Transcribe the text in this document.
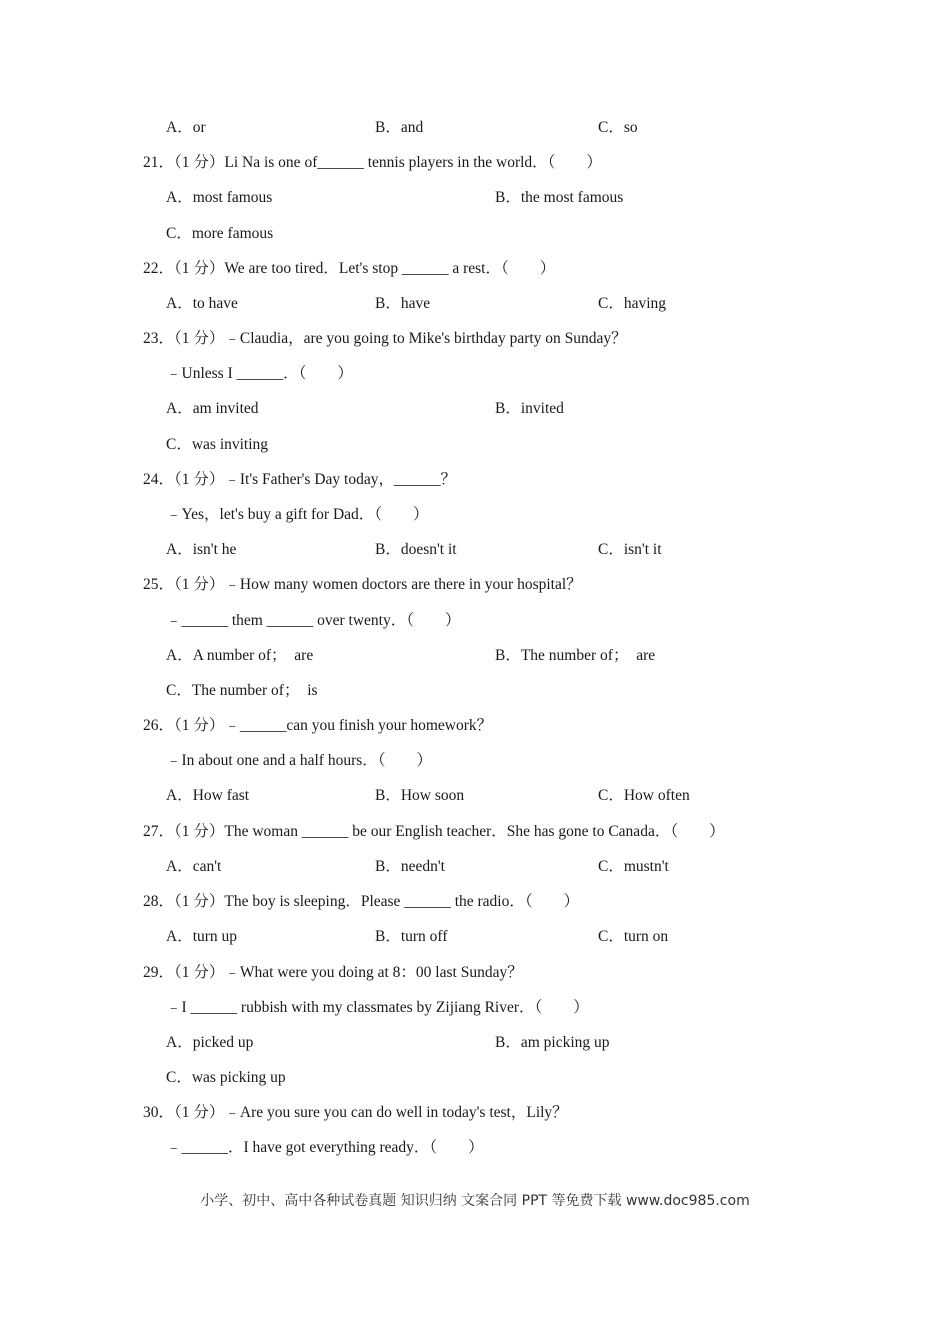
A．or	B．and	C．so
21．（1 分）Li Na is one of______ tennis players in the world．（　　）
A．most famous	B．the most famous
C．more famous
22．（1 分）We are too tired．Let's stop ______ a rest．（　　）
A．to have	B．have	C．having
23．（1 分）﹣Claudia，are you going to Mike's birthday party on Sunday？
﹣Unless I ______．（　　）
A．am invited	B．invited
C．was inviting
24．（1 分）﹣It's Father's Day today，______？
﹣Yes，let's buy a gift for Dad．（　　）
A．isn't he	B．doesn't it	C．isn't it
25．（1 分）﹣How many women doctors are there in your hospital？
﹣______ them ______ over twenty．（　　）
A．A number of；  are	B．The number of；  are
C．The number of；  is
26．（1 分）﹣______can you finish your homework？
﹣In about one and a half hours．（　　）
A．How fast	B．How soon	C．How often
27．（1 分）The woman ______ be our English teacher．She has gone to Canada．（　　）
A．can't	B．needn't	C．mustn't
28．（1 分）The boy is sleeping．Please ______ the radio．（　　）
A．turn up	B．turn off	C．turn on
29．（1 分）﹣What were you doing at 8：00 last Sunday？
﹣I ______ rubbish with my classmates by Zijiang River．（　　）
A．picked up	B．am picking up
C．was picking up
30．（1 分）﹣Are you sure you can do well in today's test，Lily？
﹣______．I have got everything ready．（　　）
小学、初中、高中各种试卷真题 知识归纳 文案合同 PPT 等免费下载 www.doc985.com
